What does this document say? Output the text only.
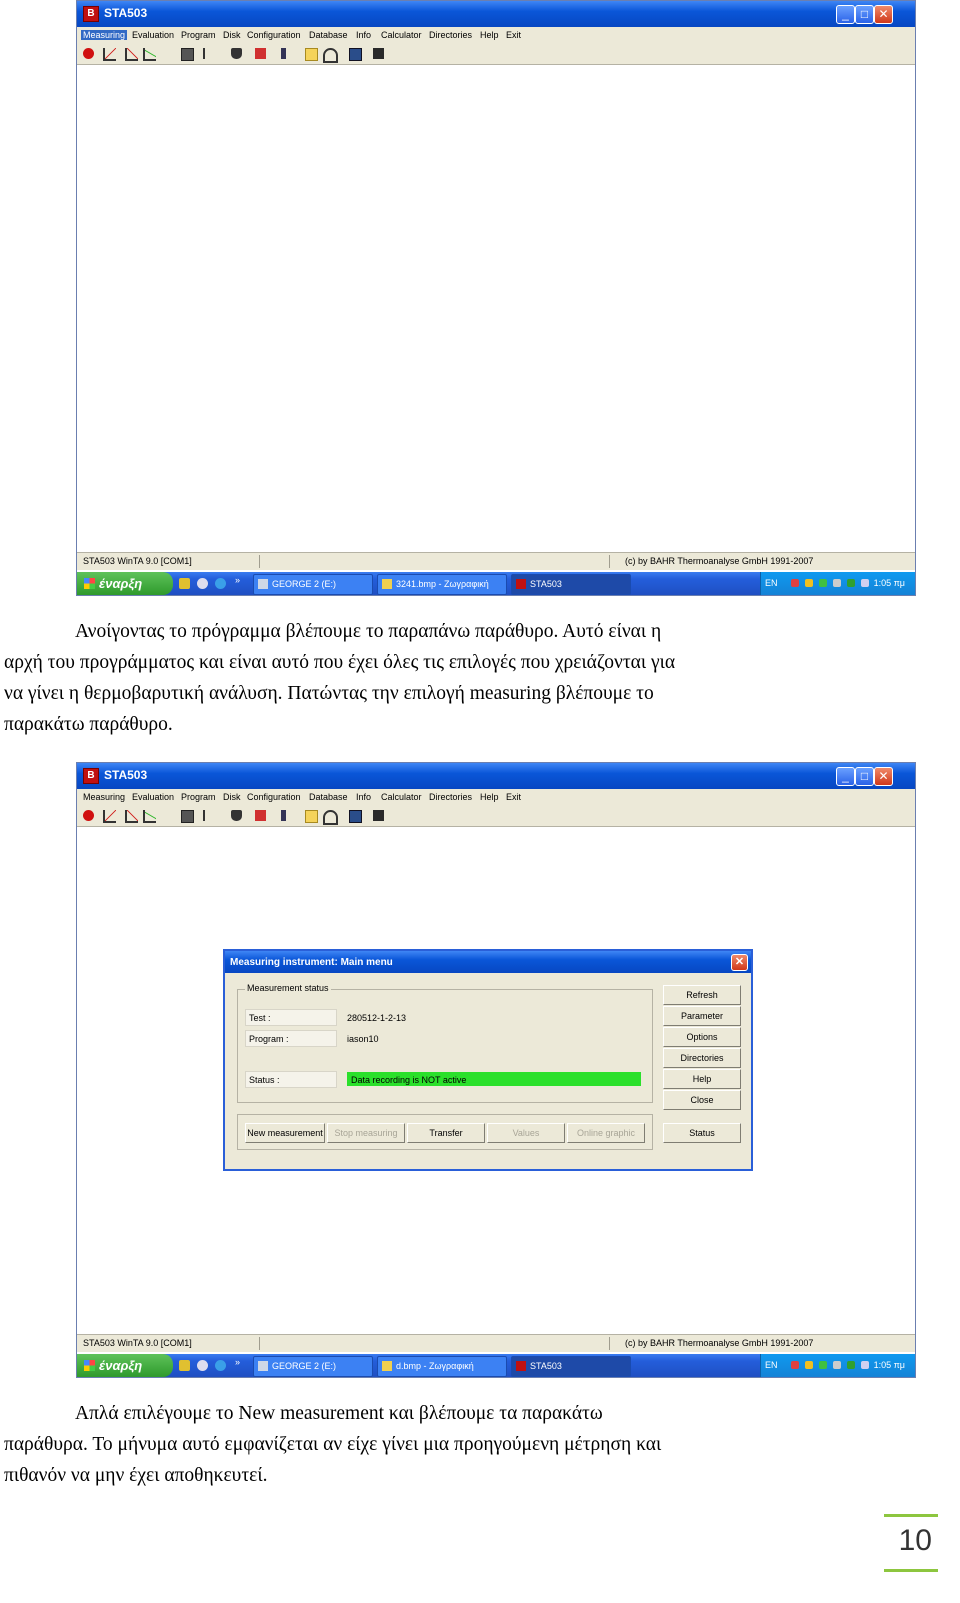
B STA503	_	□ ✕
Measuring Evaluation Program Disk Configuration Database Info Calculator Directories Help Exit
STA503 WinTA 9.0 [COM1]	(c) by BAHR Thermoanalyse GmbH 1991-2007
έναρξη	»	GEORGE 2 (E:)	3241.bmp - Ζωγραφική	STA503	EN	1:05 πμ

Ανοίγοντας το πρόγραμμα βλέπουμε το παραπάνω παράθυρο. Αυτό είναι η
αρχή του προγράμματος και είναι αυτό που έχει όλες τις επιλογές που χρειάζονται για
να γίνει η θερμοβαρυτική ανάλυση. Πατώντας την επιλογή measuring βλέπουμε το
παρακάτω παράθυρο.

B STA503	_	□ ✕
Measuring Evaluation Program Disk Configuration Database Info Calculator Directories Help Exit
Measuring instrument: Main menu	✕
Measurement status
Test :	280512-1-2-13
Program :	iason10
Status :	Data recording is NOT active
Refresh
Parameter
Options
Directories
Help
Close
New measurement	Stop measuring	Transfer	Values	Online graphic	Status
STA503 WinTA 9.0 [COM1]	(c) by BAHR Thermoanalyse GmbH 1991-2007
έναρξη	»	GEORGE 2 (E:)	d.bmp - Ζωγραφική	STA503	EN	1:05 πμ

Απλά επιλέγουμε το New measurement και βλέπουμε τα παρακάτω
παράθυρα. Το μήνυμα αυτό εμφανίζεται αν είχε γίνει μια προηγούμενη μέτρηση και
πιθανόν να μην έχει αποθηκευτεί.

10
